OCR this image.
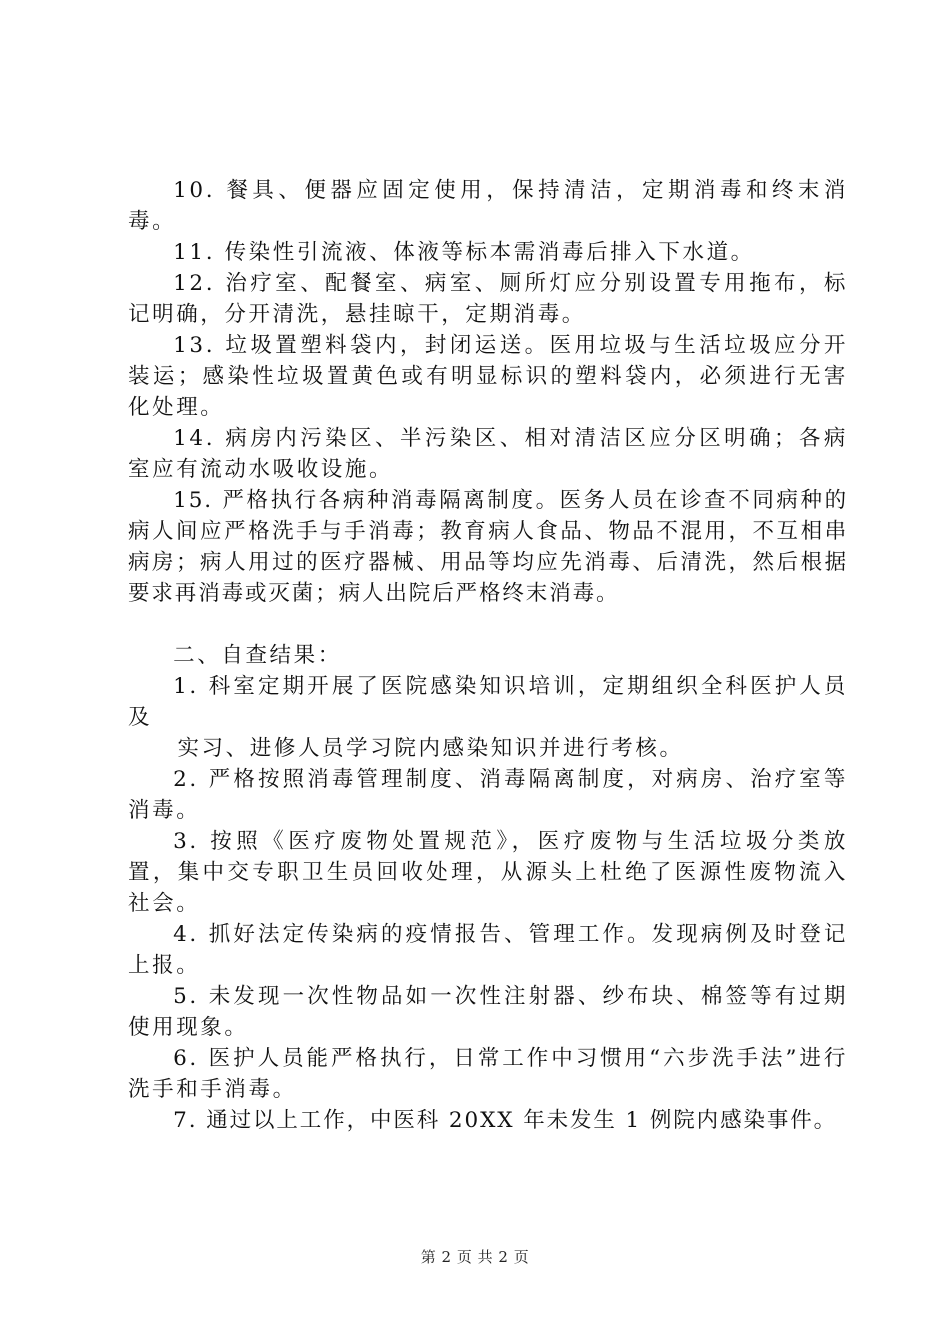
10. 餐具、便器应固定使用，保持清洁，定期消毒和终末消毒。

11. 传染性引流液、体液等标本需消毒后排入下水道。

12. 治疗室、配餐室、病室、厕所灯应分别设置专用拖布，标记明确，分开清洗，悬挂晾干，定期消毒。

13. 垃圾置塑料袋内，封闭运送。医用垃圾与生活垃圾应分开装运；感染性垃圾置黄色或有明显标识的塑料袋内，必须进行无害化处理。

14. 病房内污染区、半污染区、相对清洁区应分区明确；各病室应有流动水吸收设施。

15. 严格执行各病种消毒隔离制度。医务人员在诊查不同病种的病人间应严格洗手与手消毒；教育病人食品、物品不混用，不互相串病房；病人用过的医疗器械、用品等均应先消毒、后清洗，然后根据要求再消毒或灭菌；病人出院后严格终末消毒。

二、自查结果：

1. 科室定期开展了医院感染知识培训，定期组织全科医护人员及

实习、进修人员学习院内感染知识并进行考核。

2. 严格按照消毒管理制度、消毒隔离制度，对病房、治疗室等消毒。

3. 按照《医疗废物处置规范》，医疗废物与生活垃圾分类放置，集中交专职卫生员回收处理，从源头上杜绝了医源性废物流入社会。

4. 抓好法定传染病的疫情报告、管理工作。发现病例及时登记上报。

5. 未发现一次性物品如一次性注射器、纱布块、棉签等有过期使用现象。

6. 医护人员能严格执行，日常工作中习惯用“六步洗手法”进行洗手和手消毒。

7. 通过以上工作，中医科 20XX 年未发生 1 例院内感染事件。

第 2 页 共 2 页
